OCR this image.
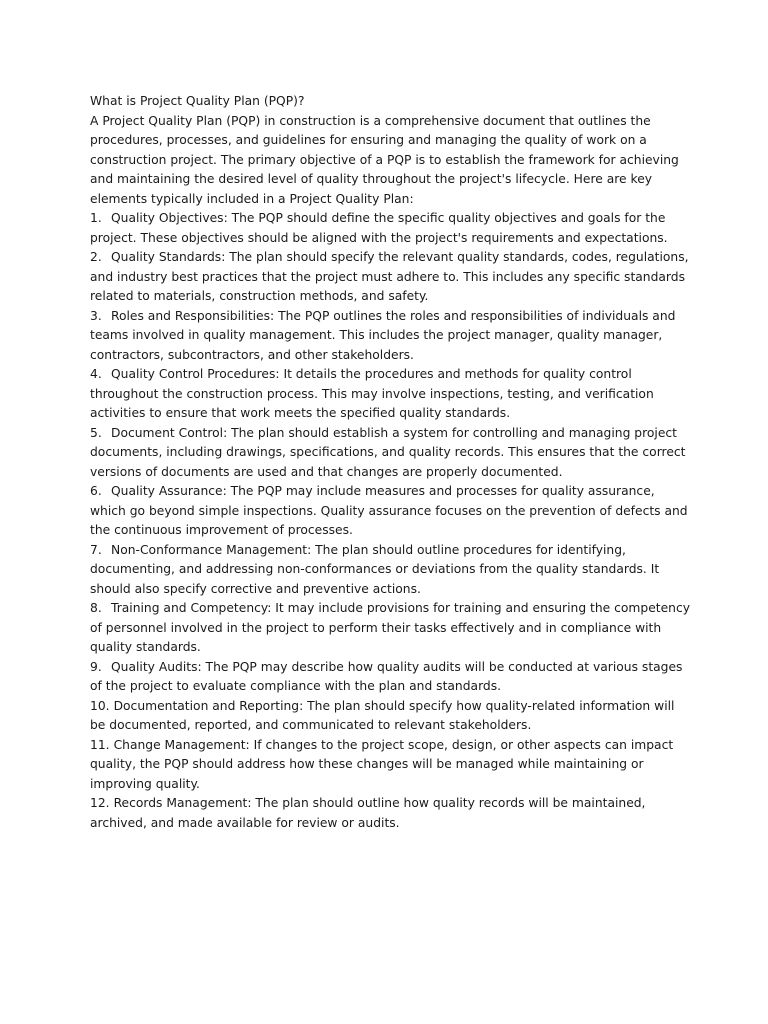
What is Project Quality Plan (PQP)?

A Project Quality Plan (PQP) in construction is a comprehensive document that outlines the procedures, processes, and guidelines for ensuring and managing the quality of work on a construction project. The primary objective of a PQP is to establish the framework for achieving and maintaining the desired level of quality throughout the project's lifecycle. Here are key elements typically included in a Project Quality Plan:

1. Quality Objectives: The PQP should define the specific quality objectives and goals for the project. These objectives should be aligned with the project's requirements and expectations.

2. Quality Standards: The plan should specify the relevant quality standards, codes, regulations, and industry best practices that the project must adhere to. This includes any specific standards related to materials, construction methods, and safety.

3. Roles and Responsibilities: The PQP outlines the roles and responsibilities of individuals and teams involved in quality management. This includes the project manager, quality manager, contractors, subcontractors, and other stakeholders.

4. Quality Control Procedures: It details the procedures and methods for quality control throughout the construction process. This may involve inspections, testing, and verification activities to ensure that work meets the specified quality standards.

5. Document Control: The plan should establish a system for controlling and managing project documents, including drawings, specifications, and quality records. This ensures that the correct versions of documents are used and that changes are properly documented.

6. Quality Assurance: The PQP may include measures and processes for quality assurance, which go beyond simple inspections. Quality assurance focuses on the prevention of defects and the continuous improvement of processes.

7. Non-Conformance Management: The plan should outline procedures for identifying, documenting, and addressing non-conformances or deviations from the quality standards. It should also specify corrective and preventive actions.

8. Training and Competency: It may include provisions for training and ensuring the competency of personnel involved in the project to perform their tasks effectively and in compliance with quality standards.

9. Quality Audits: The PQP may describe how quality audits will be conducted at various stages of the project to evaluate compliance with the plan and standards.

10. Documentation and Reporting: The plan should specify how quality-related information will be documented, reported, and communicated to relevant stakeholders.

11. Change Management: If changes to the project scope, design, or other aspects can impact quality, the PQP should address how these changes will be managed while maintaining or improving quality.

12. Records Management: The plan should outline how quality records will be maintained, archived, and made available for review or audits.
